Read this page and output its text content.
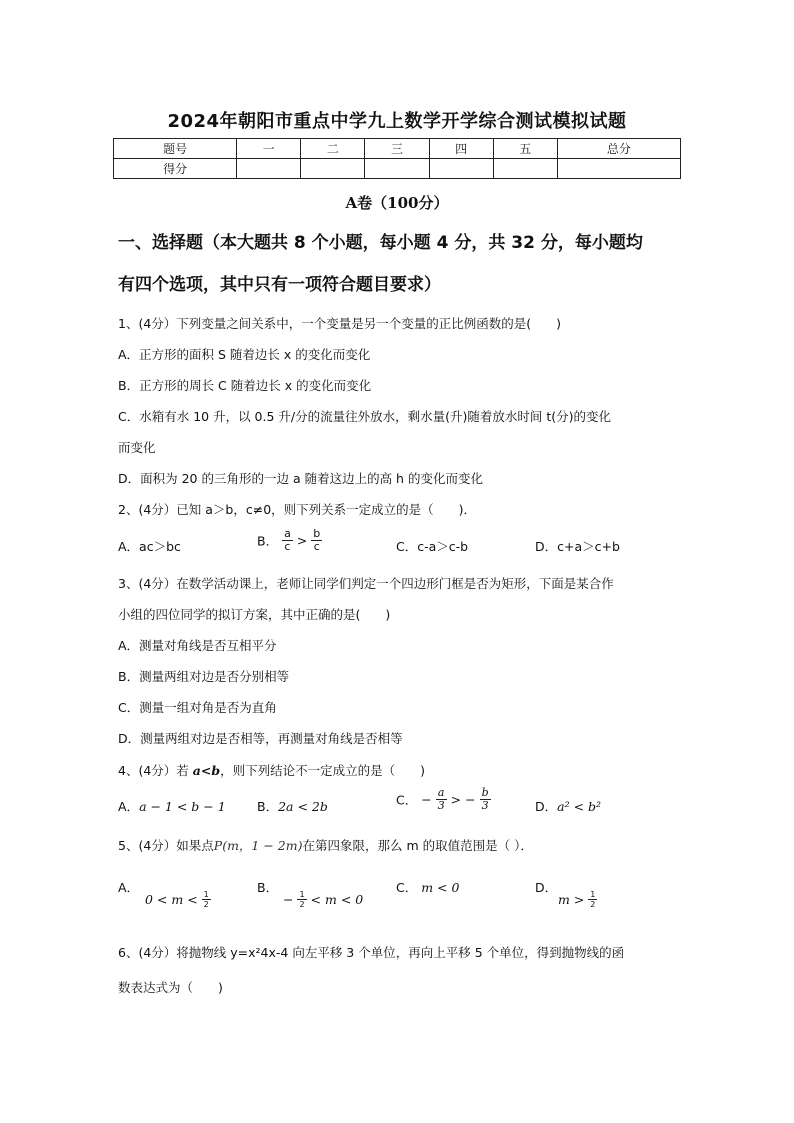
2024年朝阳市重点中学九上数学开学综合测试模拟试题
题号	一	二	三	四	五	总分
得分						
A卷（100分）
一、选择题（本大题共 8 个小题，每小题 4 分，共 32 分，每小题均
有四个选项，其中只有一项符合题目要求）
1、(4分）下列变量之间关系中，一个变量是另一个变量的正比例函数的是(　　)
A．正方形的面积 S 随着边长 x 的变化而变化
B．正方形的周长 C 随着边长 x 的变化而变化
C．水箱有水 10 升，以 0.5 升/分的流量往外放水，剩水量(升)随着放水时间 t(分)的变化
而变化
D．面积为 20 的三角形的一边 a 随着这边上的高 h 的变化而变化
2、(4分）已知 a＞b，c≠0，则下列关系一定成立的是（　　)．
A．ac＞bc	B． $\frac{a}{c} > \frac{b}{c}$	C．c-a＞c-b	D．c+a＞c+b
3、(4分）在数学活动课上，老师让同学们判定一个四边形门框是否为矩形，下面是某合作
小组的四位同学的拟订方案，其中正确的是(　　)
A．测量对角线是否互相平分
B．测量两组对边是否分别相等
C．测量一组对角是否为直角
D．测量两组对边是否相等，再测量对角线是否相等
4、(4分）若 a<b，则下列结论不一定成立的是（　　)
A．a − 1 < b − 1	B．2a < 2b	C． − $\frac{a}{3}$ > − $\frac{b}{3}$	D．a² < b²
5、(4分）如果点P(m，1 − 2m)在第四象限，那么 m 的取值范围是（ ）．
A．
$0 < m < \frac{1}{2}$
B．
− $\frac{1}{2} < m < 0$
C． m < 0	D．
$m > \frac{1}{2}$
6、(4分）将抛物线 y=x²4x-4 向左平移 3 个单位，再向上平移 5 个单位，得到抛物线的函
数表达式为（　　)
